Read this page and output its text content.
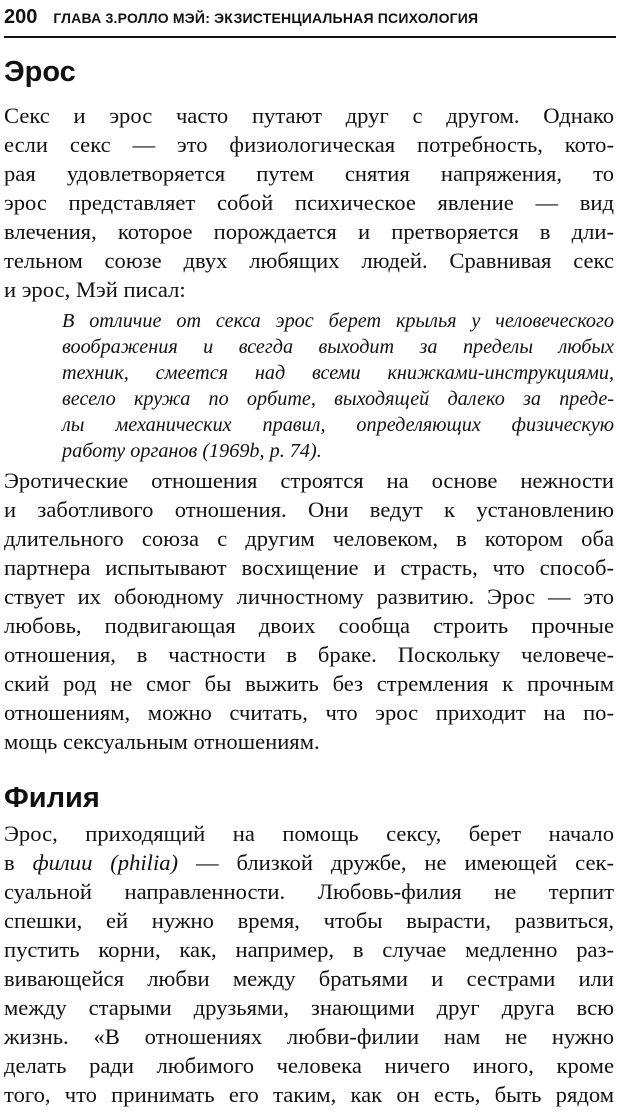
200 ГЛАВА 3.РОЛЛО МЭЙ: ЭКЗИСТЕНЦИАЛЬНАЯ ПСИХОЛОГИЯ
Эрос

Секс и эрос часто путают друг с другом. Однако
если секс — это физиологическая потребность, кото-
рая удовлетворяется путем снятия напряжения, то
эрос представляет собой психическое явление — вид
влечения, которое порождается и претворяется в дли-
тельном союзе двух любящих людей. Сравнивая секс
и эрос, Мэй писал:

В отличие от секса эрос берет крылья у человеческого
воображения и всегда выходит за пределы любых
техник, смеется над всеми книжками-инструкциями,
весело кружа по орбите, выходящей далеко за преде-
лы механических правил, определяющих физическую
работу органов (1969b, р. 74).

Эротические отношения строятся на основе нежности
и заботливого отношения. Они ведут к установлению
длительного союза с другим человеком, в котором оба
партнера испытывают восхищение и страсть, что способ-
ствует их обоюдному личностному развитию. Эрос — это
любовь, подвигающая двоих сообща строить прочные
отношения, в частности в браке. Поскольку человече-
ский род не смог бы выжить без стремления к прочным
отношениям, можно считать, что эрос приходит на по-
мощь сексуальным отношениям.

Филия

Эрос, приходящий на помощь сексу, берет начало
в филии (philia) — близкой дружбе, не имеющей сек-
суальной направленности. Любовь-филия не терпит
спешки, ей нужно время, чтобы вырасти, развиться,
пустить корни, как, например, в случае медленно раз-
вивающейся любви между братьями и сестрами или
между старыми друзьями, знающими друг друга всю
жизнь. «В отношениях любви-филии нам не нужно
делать ради любимого человека ничего иного, кроме
того, что принимать его таким, как он есть, быть рядом
